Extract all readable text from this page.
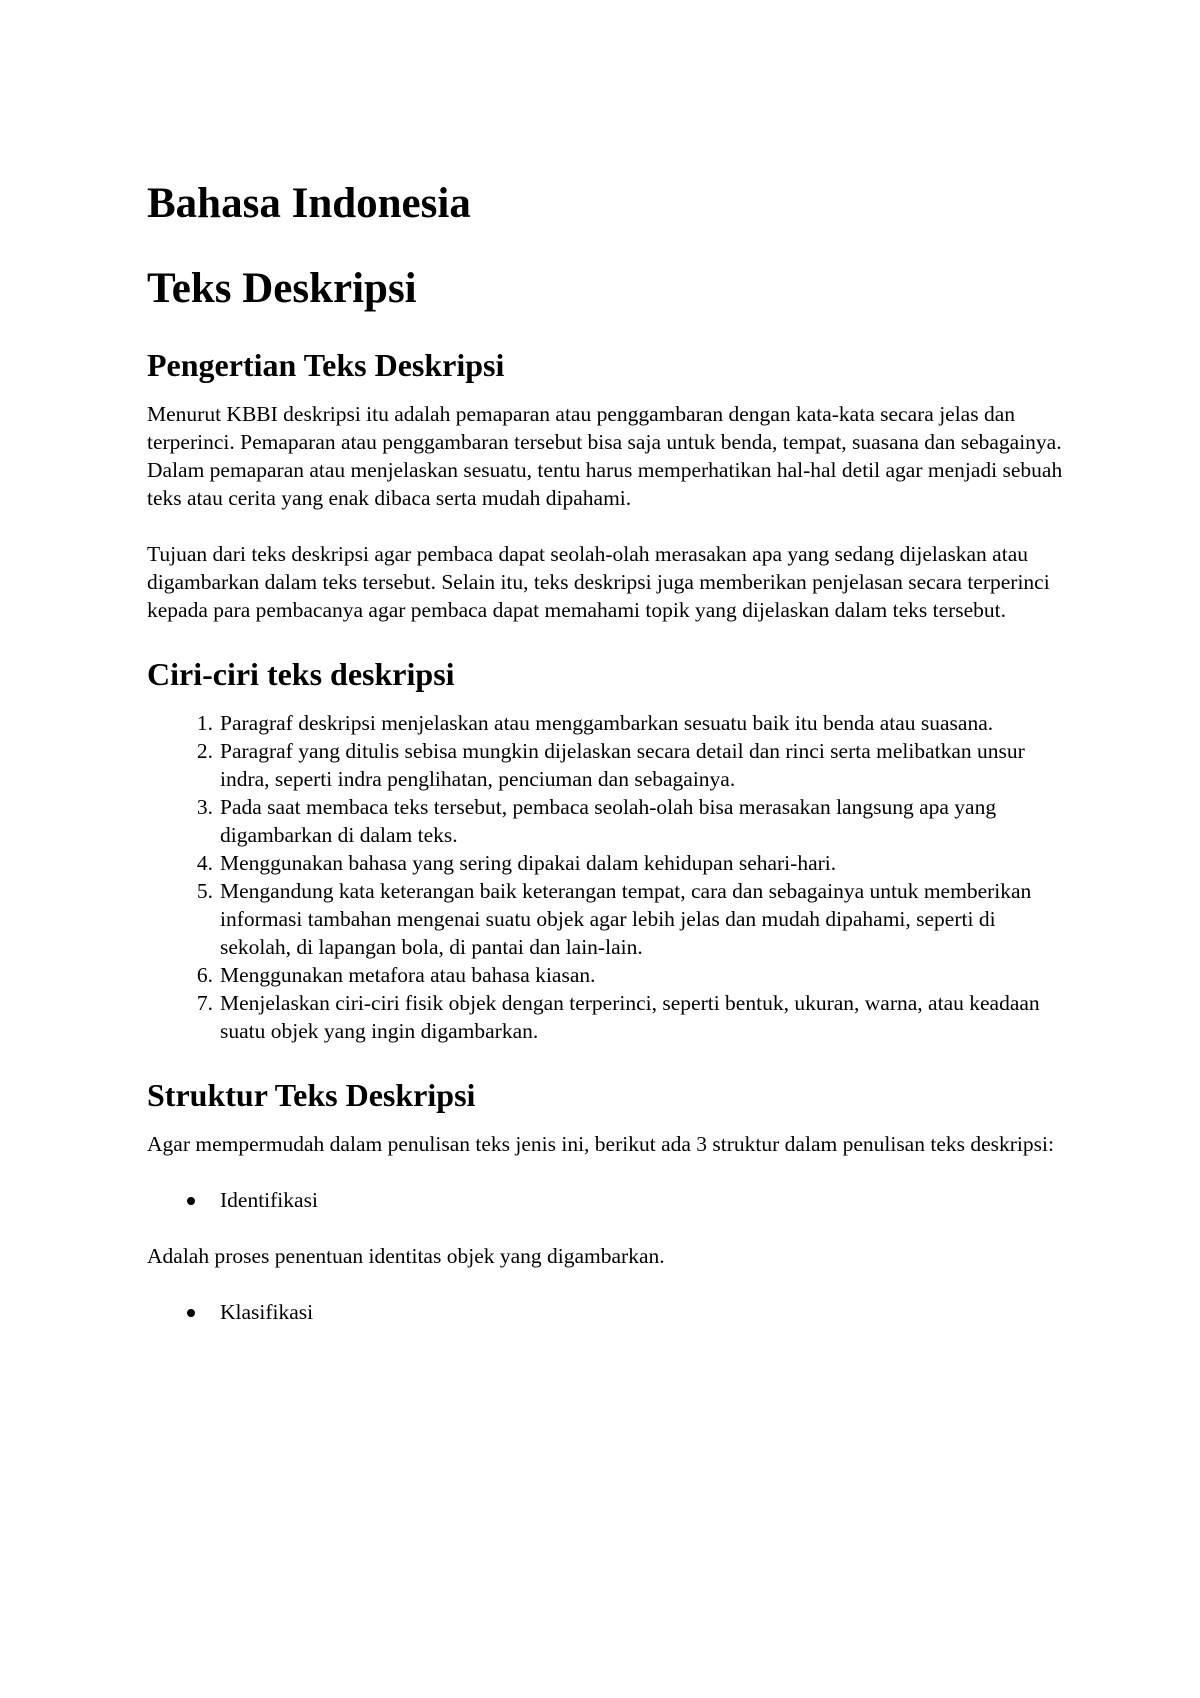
Bahasa Indonesia
Teks Deskripsi
Pengertian Teks Deskripsi

Menurut KBBI deskripsi itu adalah pemaparan atau penggambaran dengan kata-kata secara jelas dan terperinci. Pemaparan atau penggambaran tersebut bisa saja untuk benda, tempat, suasana dan sebagainya. Dalam pemaparan atau menjelaskan sesuatu, tentu harus memperhatikan hal-hal detil agar menjadi sebuah teks atau cerita yang enak dibaca serta mudah dipahami.

Tujuan dari teks deskripsi agar pembaca dapat seolah-olah merasakan apa yang sedang dijelaskan atau digambarkan dalam teks tersebut. Selain itu, teks deskripsi juga memberikan penjelasan secara terperinci kepada para pembacanya agar pembaca dapat memahami topik yang dijelaskan dalam teks tersebut.

Ciri-ciri teks deskripsi
1. Paragraf deskripsi menjelaskan atau menggambarkan sesuatu baik itu benda atau suasana.
2. Paragraf yang ditulis sebisa mungkin dijelaskan secara detail dan rinci serta melibatkan unsur indra, seperti indra penglihatan, penciuman dan sebagainya.
3. Pada saat membaca teks tersebut, pembaca seolah-olah bisa merasakan langsung apa yang digambarkan di dalam teks.
4. Menggunakan bahasa yang sering dipakai dalam kehidupan sehari-hari.
5. Mengandung kata keterangan baik keterangan tempat, cara dan sebagainya untuk memberikan informasi tambahan mengenai suatu objek agar lebih jelas dan mudah dipahami, seperti di sekolah, di lapangan bola, di pantai dan lain-lain.
6. Menggunakan metafora atau bahasa kiasan.
7. Menjelaskan ciri-ciri fisik objek dengan terperinci, seperti bentuk, ukuran, warna, atau keadaan suatu objek yang ingin digambarkan.
Struktur Teks Deskripsi

Agar mempermudah dalam penulisan teks jenis ini, berikut ada 3 struktur dalam penulisan teks deskripsi:

Identifikasi

Adalah proses penentuan identitas objek yang digambarkan.

Klasifikasi
